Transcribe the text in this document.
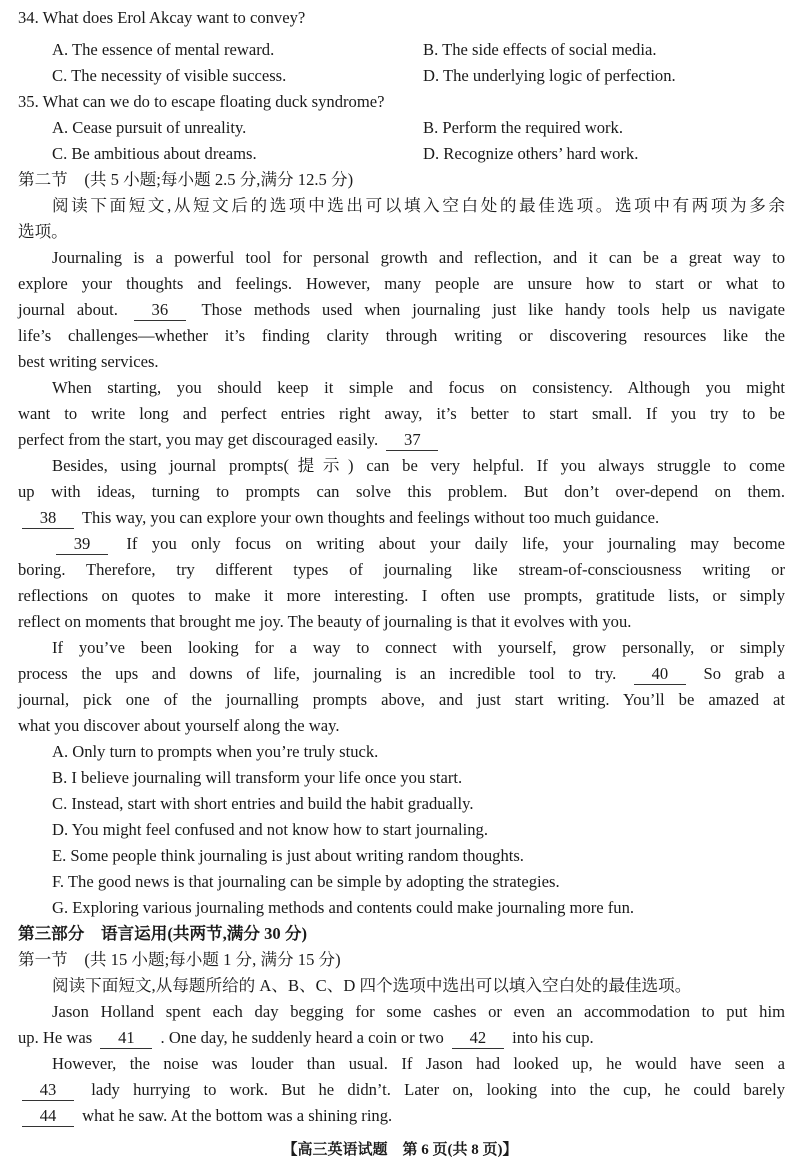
34. What does Erol Akcay want to convey?
A. The essence of mental reward.	B. The side effects of social media.
C. The necessity of visible success.	D. The underlying logic of perfection.
35. What can we do to escape floating duck syndrome?
A. Cease pursuit of unreality.	B. Perform the required work.
C. Be ambitious about dreams.	D. Recognize others’ hard work.
第二节　(共 5 小题;每小题 2.5 分,满分 12.5 分)
阅读下面短文,从短文后的选项中选出可以填入空白处的最佳选项。选项中有两项为多余
选项。
Journaling is a powerful tool for personal growth and reflection, and it can be a great way to
explore your thoughts and feelings. However, many people are unsure how to start or what to
journal about. 36 Those methods used when journaling just like handy tools help us navigate
life’s challenges—whether it’s finding clarity through writing or discovering resources like the
best writing services.
When starting, you should keep it simple and focus on consistency. Although you might
want to write long and perfect entries right away, it’s better to start small. If you try to be
perfect from the start, you may get discouraged easily. 37
Besides, using journal prompts(提示) can be very helpful. If you always struggle to come
up with ideas, turning to prompts can solve this problem. But don’t over-depend on them.
38 This way, you can explore your own thoughts and feelings without too much guidance.
39 If you only focus on writing about your daily life, your journaling may become
boring. Therefore, try different types of journaling like stream-of-consciousness writing or
reflections on quotes to make it more interesting. I often use prompts, gratitude lists, or simply
reflect on moments that brought me joy. The beauty of journaling is that it evolves with you.
If you’ve been looking for a way to connect with yourself, grow personally, or simply
process the ups and downs of life, journaling is an incredible tool to try. 40 So grab a
journal, pick one of the journalling prompts above, and just start writing. You’ll be amazed at
what you discover about yourself along the way.
A. Only turn to prompts when you’re truly stuck.
B. I believe journaling will transform your life once you start.
C. Instead, start with short entries and build the habit gradually.
D. You might feel confused and not know how to start journaling.
E. Some people think journaling is just about writing random thoughts.
F. The good news is that journaling can be simple by adopting the strategies.
G. Exploring various journaling methods and contents could make journaling more fun.
第三部分　语言运用(共两节,满分 30 分)
第一节　(共 15 小题;每小题 1 分, 满分 15 分)
阅读下面短文,从每题所给的 A、B、C、D 四个选项中选出可以填入空白处的最佳选项。
Jason Holland spent each day begging for some cashes or even an accommodation to put him
up. He was 41 . One day, he suddenly heard a coin or two 42 into his cup.
However, the noise was louder than usual. If Jason had looked up, he would have seen a
43 lady hurrying to work. But he didn’t. Later on, looking into the cup, he could barely
44 what he saw. At the bottom was a shining ring.
【高三英语试题　第 6 页(共 8 页)】
